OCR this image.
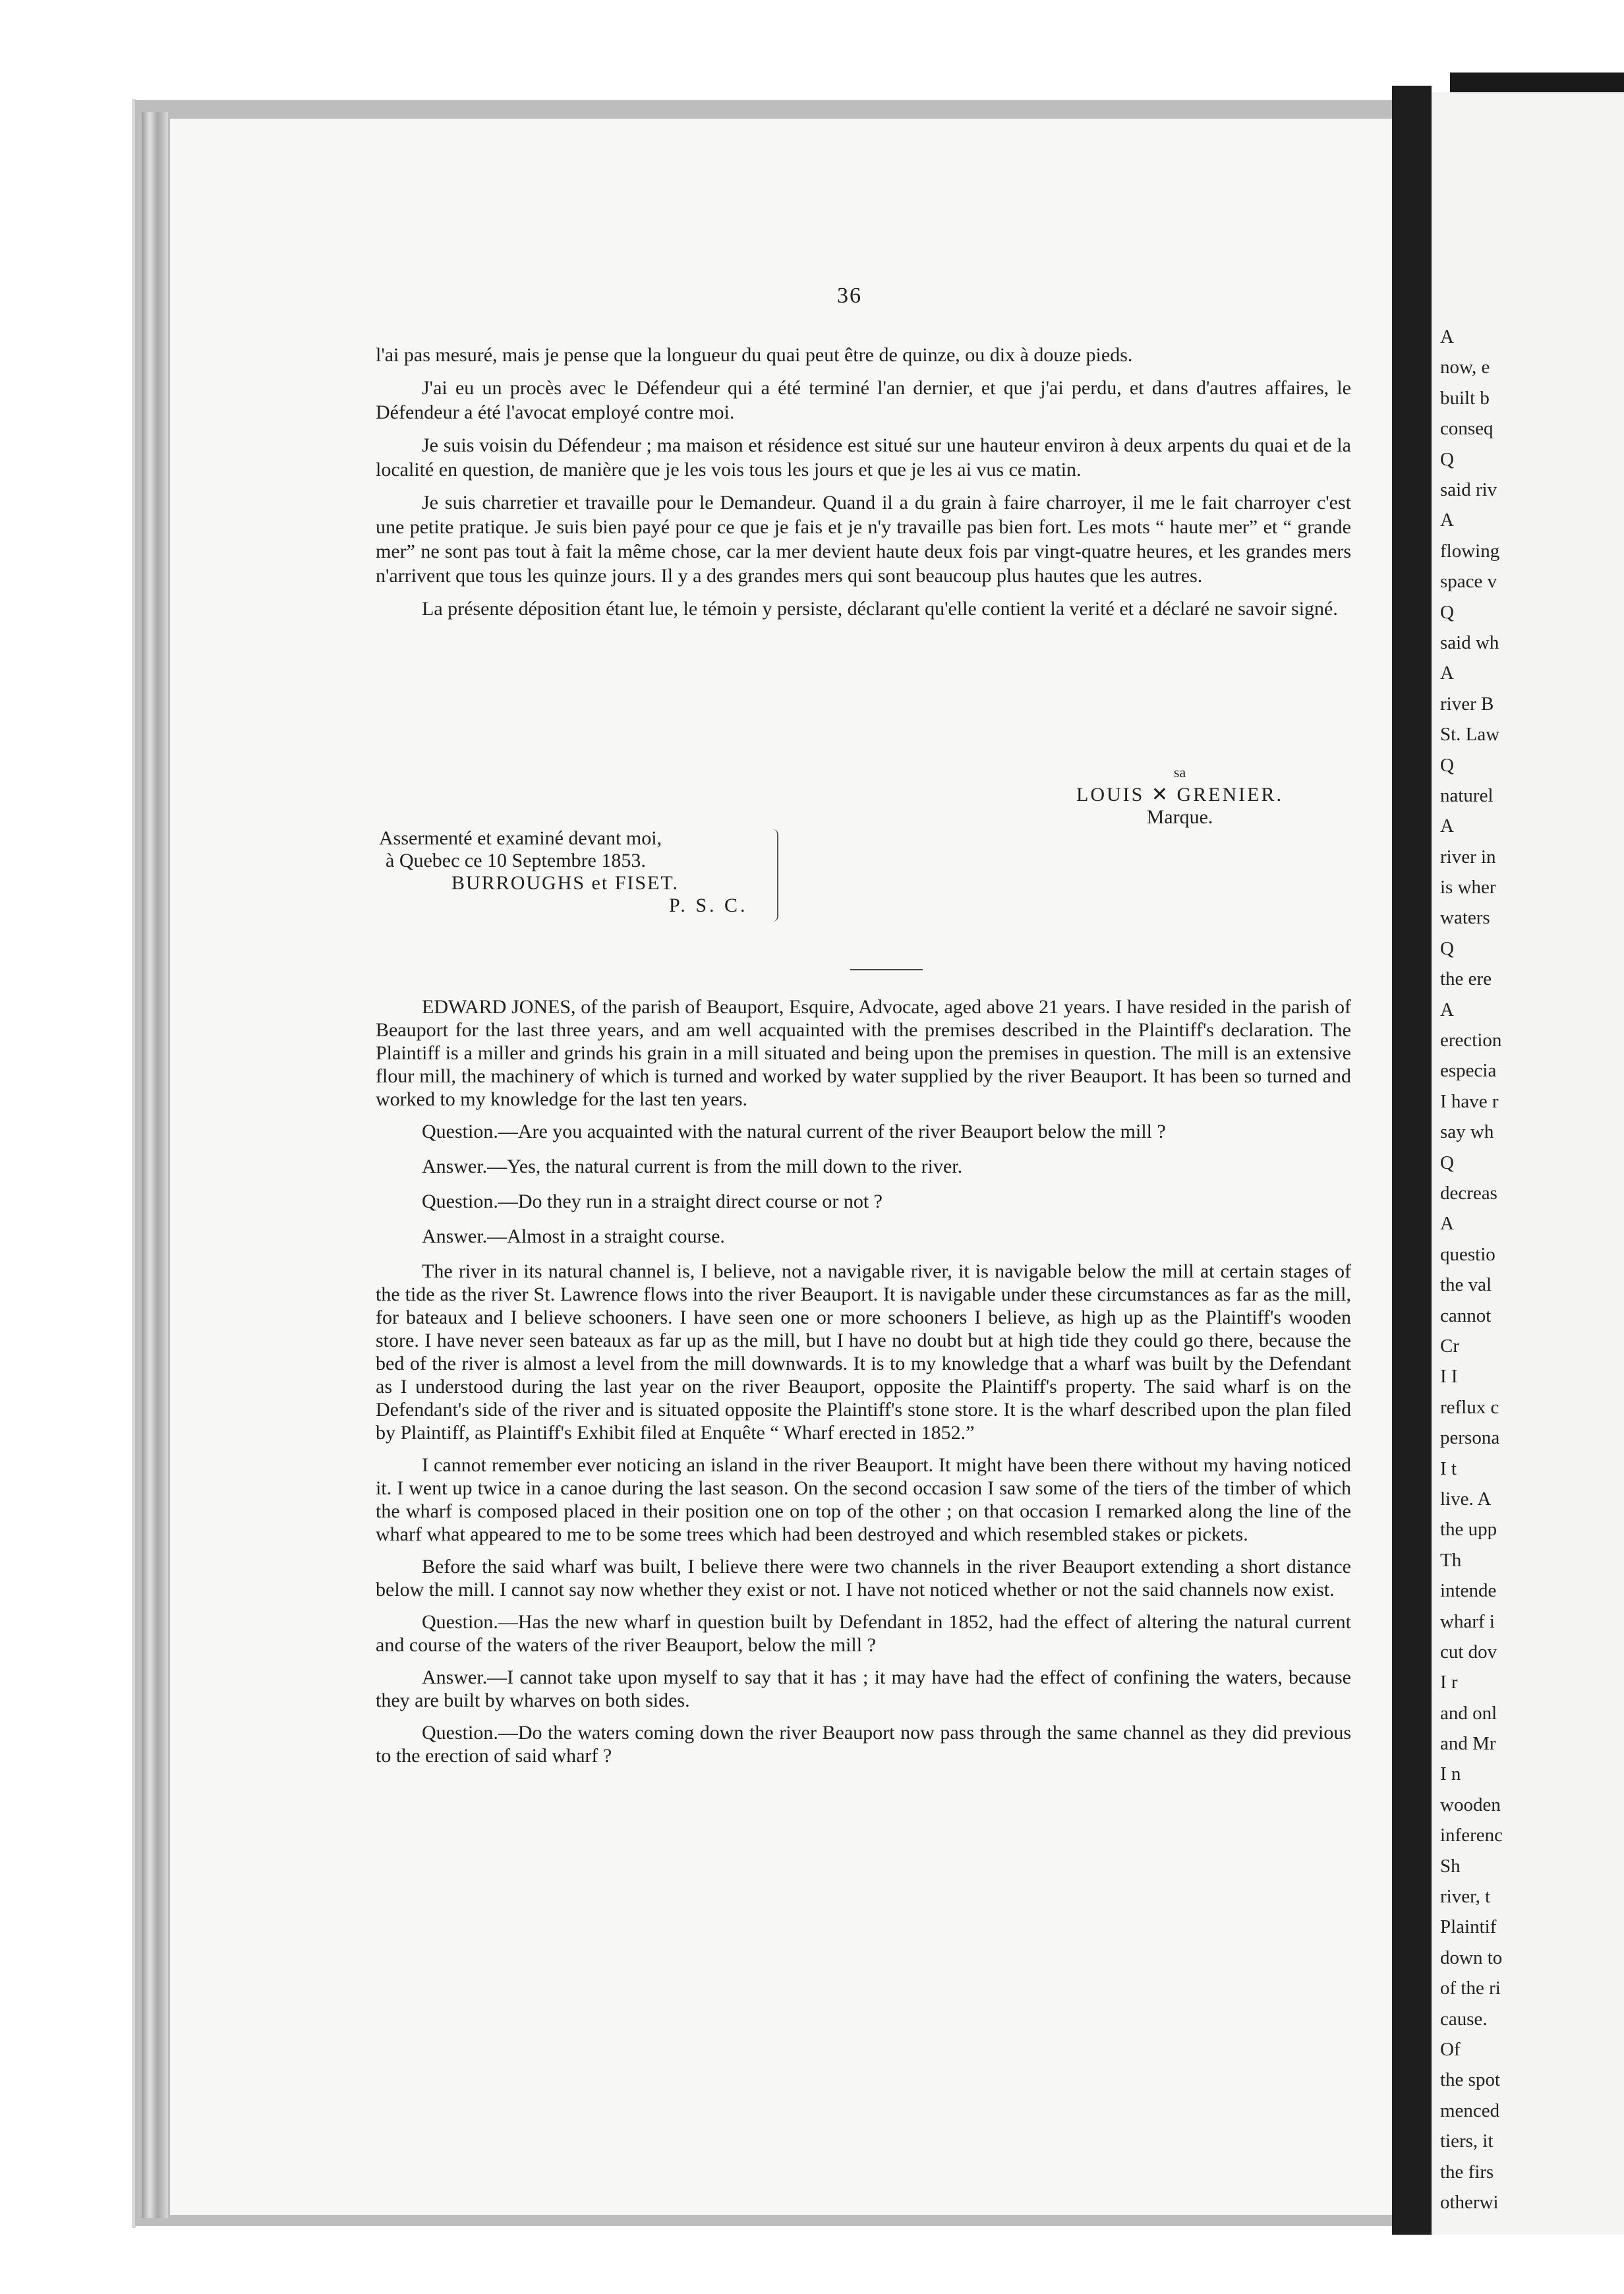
36

l'ai pas mesuré, mais je pense que la longueur du quai peut être de quinze, ou dix à douze pieds.

J'ai eu un procès avec le Défendeur qui a été terminé l'an dernier, et que j'ai perdu, et dans d'autres affaires, le Défendeur a été l'avocat employé contre moi.

Je suis voisin du Défendeur ; ma maison et résidence est situé sur une hauteur environ à deux arpents du quai et de la localité en question, de manière que je les vois tous les jours et que je les ai vus ce matin.

Je suis charretier et travaille pour le Demandeur. Quand il a du grain à faire charroyer, il me le fait charroyer c'est une petite pratique. Je suis bien payé pour ce que je fais et je n'y travaille pas bien fort. Les mots “ haute mer” et “ grande mer” ne sont pas tout à fait la même chose, car la mer devient haute deux fois par vingt-quatre heures, et les grandes mers n'arrivent que tous les quinze jours. Il y a des grandes mers qui sont beaucoup plus hautes que les autres.

La présente déposition étant lue, le témoin y persiste, déclarant qu'elle contient la verité et a déclaré ne savoir signé.

sa
LOUIS ✕ GRENIER.
Marque.
Assermenté et examiné devant moi,
à Quebec ce 10 Septembre 1853.
BURROUGHS et FISET.
P. S. C.

EDWARD JONES, of the parish of Beauport, Esquire, Advocate, aged above 21 years. I have resided in the parish of Beauport for the last three years, and am well acquainted with the premises described in the Plaintiff's declaration. The Plaintiff is a miller and grinds his grain in a mill situated and being upon the premises in question. The mill is an extensive flour mill, the machinery of which is turned and worked by water supplied by the river Beauport. It has been so turned and worked to my knowledge for the last ten years.

Question.—Are you acquainted with the natural current of the river Beauport below the mill ?

Answer.—Yes, the natural current is from the mill down to the river.

Question.—Do they run in a straight direct course or not ?

Answer.—Almost in a straight course.

The river in its natural channel is, I believe, not a navigable river, it is navigable below the mill at certain stages of the tide as the river St. Lawrence flows into the river Beauport. It is navigable under these circumstances as far as the mill, for bateaux and I believe schooners. I have seen one or more schooners I believe, as high up as the Plaintiff's wooden store. I have never seen bateaux as far up as the mill, but I have no doubt but at high tide they could go there, because the bed of the river is almost a level from the mill downwards. It is to my knowledge that a wharf was built by the Defendant as I understood during the last year on the river Beauport, opposite the Plaintiff's property. The said wharf is on the Defendant's side of the river and is situated opposite the Plaintiff's stone store. It is the wharf described upon the plan filed by Plaintiff, as Plaintiff's Exhibit filed at Enquête “ Wharf erected in 1852.”

I cannot remember ever noticing an island in the river Beauport. It might have been there without my having noticed it. I went up twice in a canoe during the last season. On the second occasion I saw some of the tiers of the timber of which the wharf is composed placed in their position one on top of the other ; on that occasion I remarked along the line of the wharf what appeared to me to be some trees which had been destroyed and which resembled stakes or pickets.

Before the said wharf was built, I believe there were two channels in the river Beauport extending a short distance below the mill. I cannot say now whether they exist or not. I have not noticed whether or not the said channels now exist.

Question.—Has the new wharf in question built by Defendant in 1852, had the effect of altering the natural current and course of the waters of the river Beauport, below the mill ?

Answer.—I cannot take upon myself to say that it has ; it may have had the effect of confining the waters, because they are built by wharves on both sides.

Question.—Do the waters coming down the river Beauport now pass through the same channel as they did previous to the erection of said wharf ?

A
now, e
built b
conseq
Q
said riv
A
flowing
space v
Q
said wh
A
river B
St. Law
Q
naturel
A
river in
is wher
waters
Q
the ere
A
erection
especia
I have r
say wh
Q
decreas
A
questio
the val
cannot
Cr
I I
reflux c
persona
I t
live. A
the upp
Th
intende
wharf i
cut dov
I r
and onl
and Mr
I n
wooden
inferenc
Sh
river, t
Plaintif
down to
of the ri
cause.
Of
the spot
menced
tiers, it
the firs
otherwi
